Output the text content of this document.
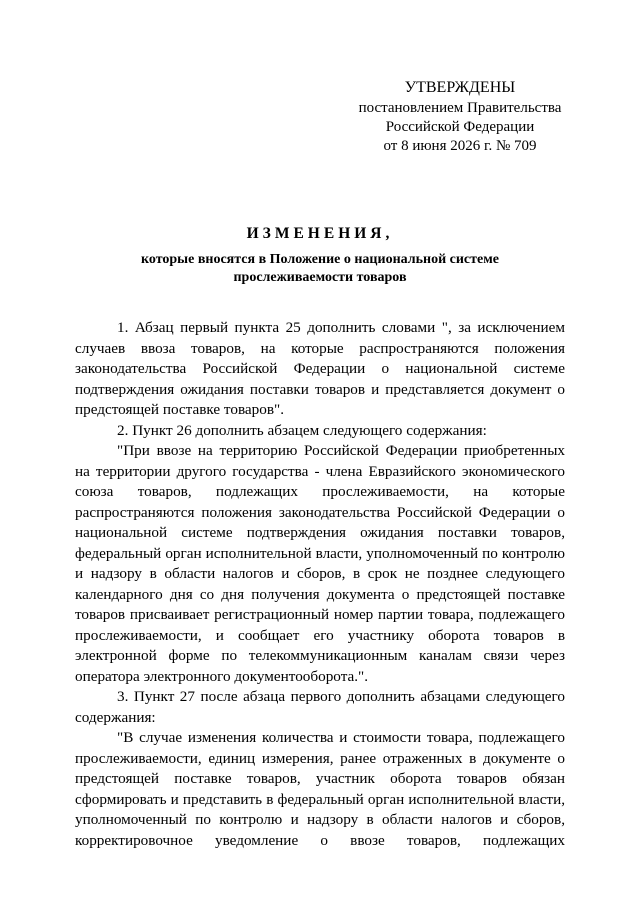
УТВЕРЖДЕНЫ
постановлением Правительства
Российской Федерации
от 8 июня 2026 г. № 709
ИЗМЕНЕНИЯ,
которые вносятся в Положение о национальной системе
прослеживаемости товаров

1. Абзац первый пункта 25 дополнить словами ", за исключением случаев ввоза товаров, на которые распространяются положения законодательства Российской Федерации о национальной системе подтверждения ожидания поставки товаров и представляется документ о предстоящей поставке товаров".

2. Пункт 26 дополнить абзацем следующего содержания:

"При ввозе на территорию Российской Федерации приобретенных на территории другого государства - члена Евразийского экономического союза товаров, подлежащих прослеживаемости, на которые распространяются положения законодательства Российской Федерации о национальной системе подтверждения ожидания поставки товаров, федеральный орган исполнительной власти, уполномоченный по контролю и надзору в области налогов и сборов, в срок не позднее следующего календарного дня со дня получения документа о предстоящей поставке товаров присваивает регистрационный номер партии товара, подлежащего прослеживаемости, и сообщает его участнику оборота товаров в электронной форме по телекоммуникационным каналам связи через оператора электронного документооборота.".

3. Пункт 27 после абзаца первого дополнить абзацами следующего содержания:

"В случае изменения количества и стоимости товара, подлежащего прослеживаемости, единиц измерения, ранее отраженных в документе о предстоящей поставке товаров, участник оборота товаров обязан сформировать и представить в федеральный орган исполнительной власти, уполномоченный по контролю и надзору в области налогов и сборов, корректировочное уведомление о ввозе товаров, подлежащих
